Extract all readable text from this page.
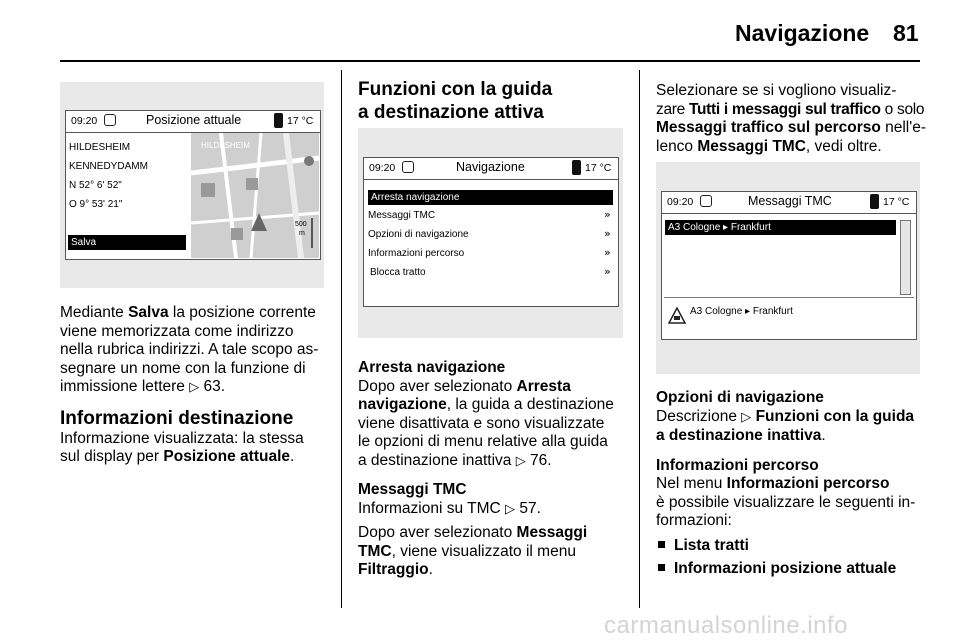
Navigazione 81
09:20	Posizione attuale	17 °C
HILDESHEIM
KENNEDYDAMM
N 52° 6' 52"
O 9° 53' 21"
Salva
HILDESHEIM
500
m

Mediante Salva la posizione corrente

viene memorizzata come indirizzo

nella rubrica indirizzi. A tale scopo as-

segnare un nome con la funzione di

immissione lettere ▷ 63.

Informazioni destinazione

Informazione visualizzata: la stessa

sul display per Posizione attuale.

Funzioni con la guida
a destinazione attiva
09:20	Navigazione	17 °C
Arresta navigazione
Messaggi TMC	»
Opzioni di navigazione	»
Informazioni percorso	»
Blocca tratto	»

Arresta navigazione

Dopo aver selezionato Arresta

navigazione, la guida a destinazione

viene disattivata e sono visualizzate

le opzioni di menu relative alla guida

a destinazione inattiva ▷ 76.

Messaggi TMC

Informazioni su TMC ▷ 57.

Dopo aver selezionato Messaggi

TMC, viene visualizzato il menu

Filtraggio.

Selezionare se si vogliono visualiz-

zare Tutti i messaggi sul traffico o solo

Messaggi traffico sul percorso nell'e-

lenco Messaggi TMC, vedi oltre.

09:20	Messaggi TMC	17 °C
A3 Cologne ▸ Frankfurt
A3 Cologne ▸ Frankfurt

Opzioni di navigazione

Descrizione ▷ Funzioni con la guida

a destinazione inattiva.

Informazioni percorso

Nel menu Informazioni percorso

è possibile visualizzare le seguenti in-

formazioni:

Lista tratti

Informazioni posizione attuale

carmanualsonline.info
